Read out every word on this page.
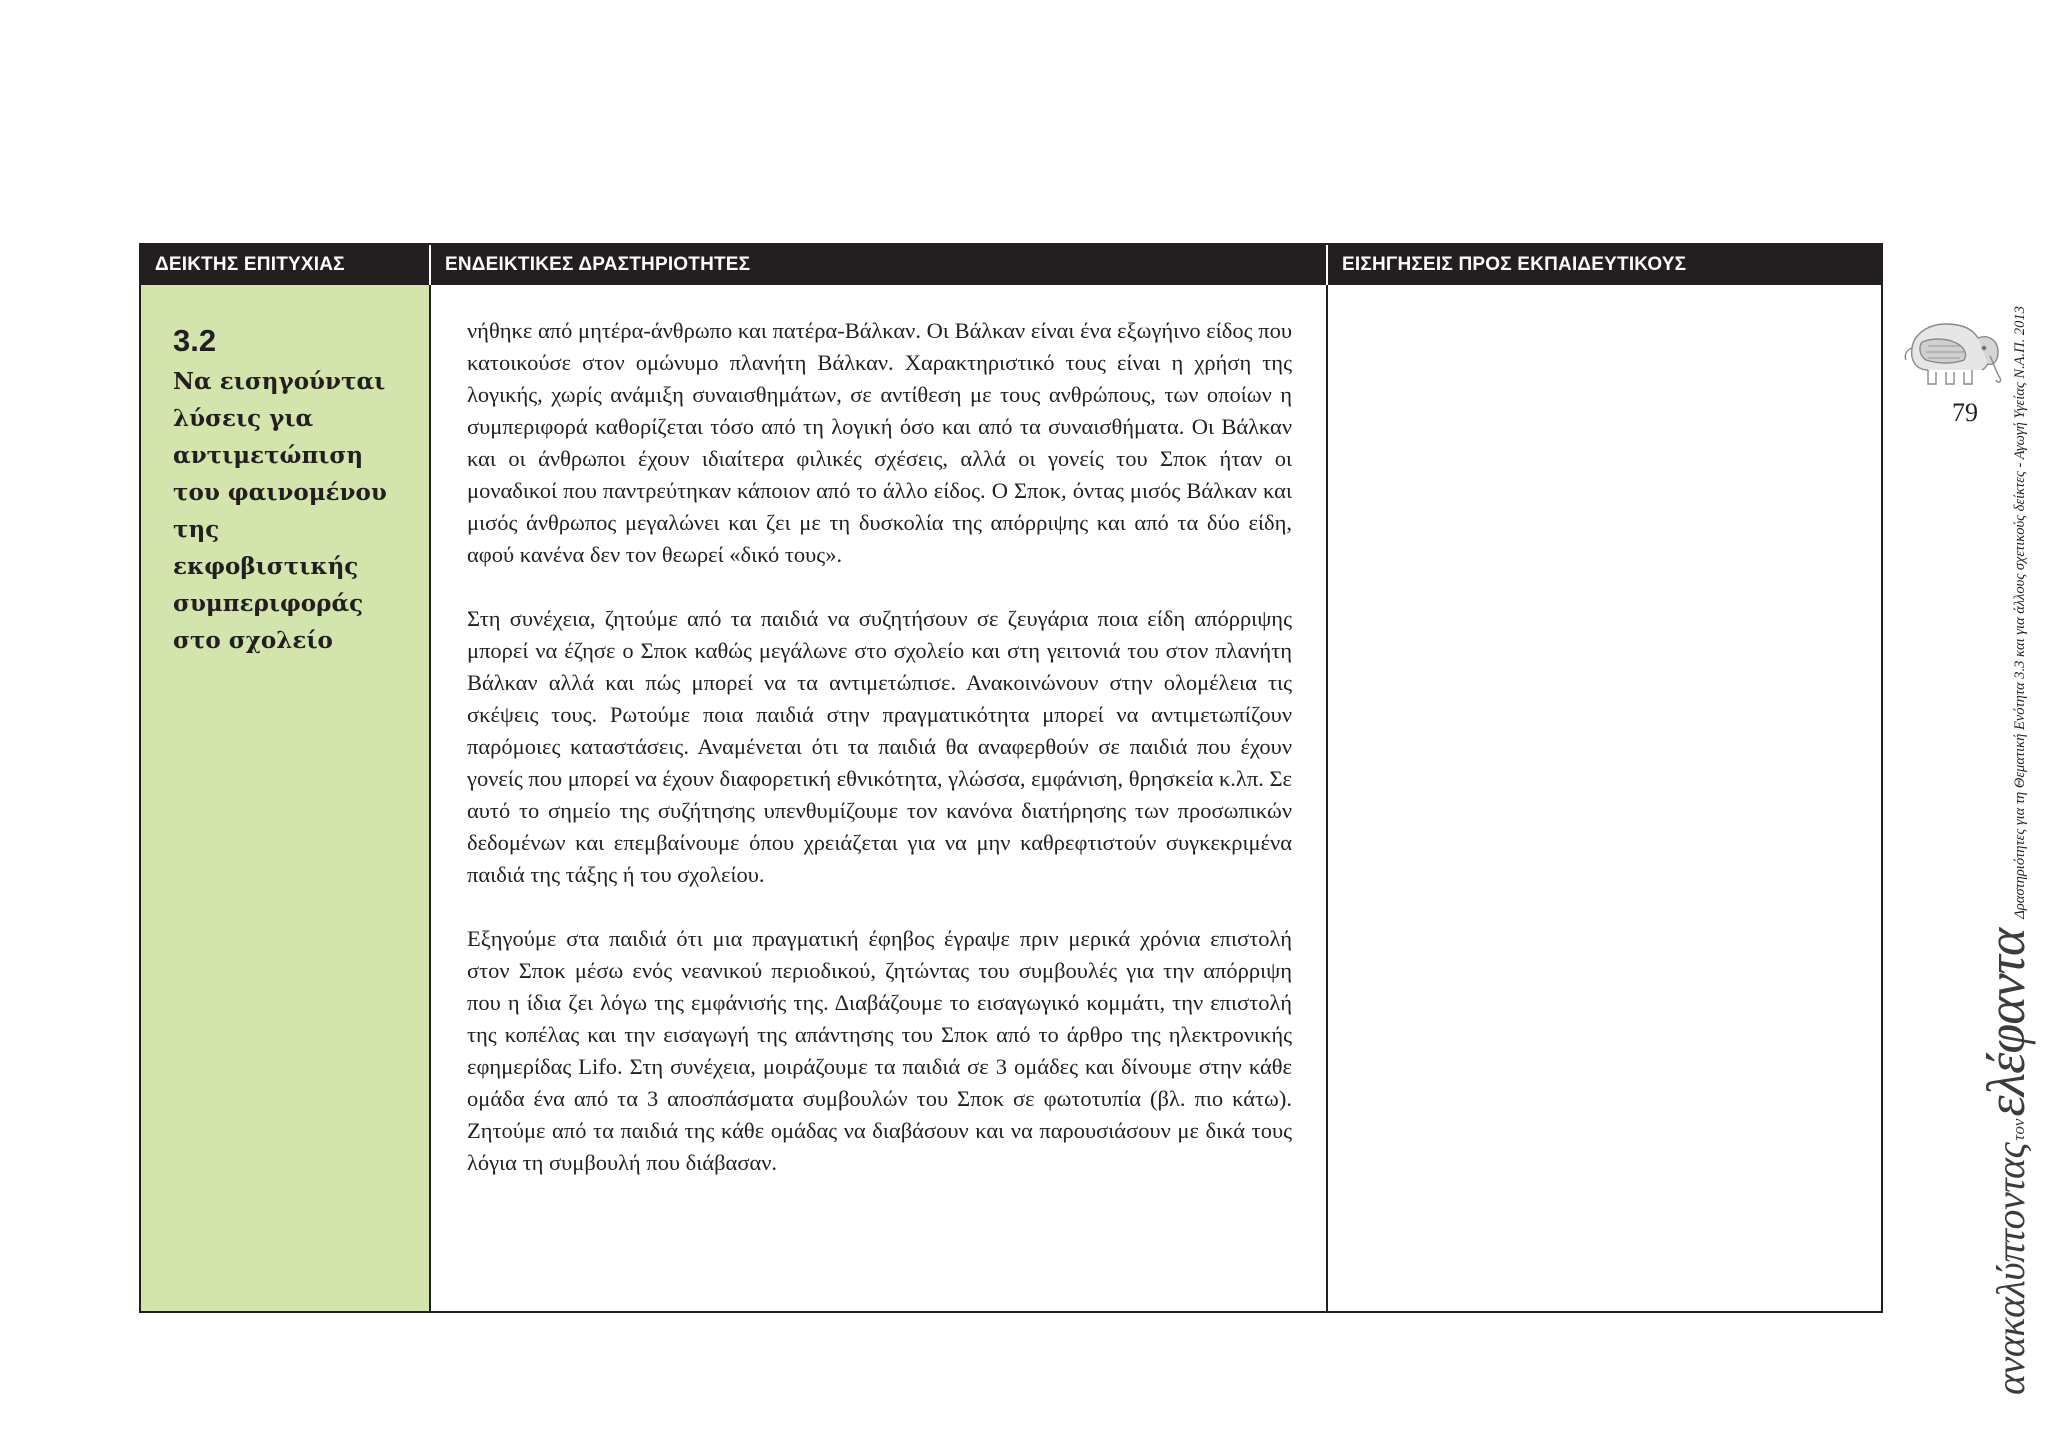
ΔΕΙΚΤΗΣ ΕΠΙΤΥΧΙΑΣ	ΕΝΔΕΙΚΤΙΚΕΣ ΔΡΑΣΤΗΡΙΟΤΗΤΕΣ	ΕΙΣΗΓΗΣΕΙΣ ΠΡΟΣ ΕΚΠΑΙΔΕΥΤΙΚΟΥΣ

3.2

Να εισηγούνται λύσεις για αντιμετώπιση του φαινομένου της εκφοβιστικής συμπεριφοράς στο σχολείο

νήθηκε από μητέρα-άνθρωπο και πατέρα-Βάλκαν. Οι Βάλκαν είναι ένα εξωγήινο είδος που κατοικούσε στον ομώνυμο πλανήτη Βάλκαν. Χαρακτηριστικό τους είναι η χρήση της λογικής, χωρίς ανάμιξη συναισθημάτων, σε αντίθεση με τους ανθρώπους, των οποίων η συμπεριφορά καθορίζεται τόσο από τη λογική όσο και από τα συναισθήματα. Οι Βάλκαν και οι άνθρωποι έχουν ιδιαίτερα φιλικές σχέσεις, αλλά οι γονείς του Σποκ ήταν οι μοναδικοί που παντρεύτηκαν κάποιον από το άλλο είδος. Ο Σποκ, όντας μισός Βάλκαν και μισός άνθρωπος μεγαλώνει και ζει με τη δυσκολία της απόρριψης και από τα δύο είδη, αφού κανένα δεν τον θεωρεί «δικό τους».

Στη συνέχεια, ζητούμε από τα παιδιά να συζητήσουν σε ζευγάρια ποια είδη απόρριψης μπορεί να έζησε ο Σποκ καθώς μεγάλωνε στο σχολείο και στη γειτονιά του στον πλανήτη Βάλκαν αλλά και πώς μπορεί να τα αντιμετώπισε. Ανακοινώνουν στην ολομέλεια τις σκέψεις τους. Ρωτούμε ποια παιδιά στην πραγματικότητα μπορεί να αντιμετωπίζουν παρόμοιες καταστάσεις. Αναμένεται ότι τα παιδιά θα αναφερθούν σε παιδιά που έχουν γονείς που μπορεί να έχουν διαφορετική εθνικότητα, γλώσσα, εμφάνιση, θρησκεία κ.λπ. Σε αυτό το σημείο της συζήτησης υπενθυμίζουμε τον κανόνα διατήρησης των προσωπικών δεδομένων και επεμβαίνουμε όπου χρειάζεται για να μην καθρεφτιστούν συγκεκριμένα παιδιά της τάξης ή του σχολείου.

Εξηγούμε στα παιδιά ότι μια πραγματική έφηβος έγραψε πριν μερικά χρόνια επιστολή στον Σποκ μέσω ενός νεανικού περιοδικού, ζητώντας του συμβουλές για την απόρριψη που η ίδια ζει λόγω της εμφάνισής της. Διαβάζουμε το εισαγωγικό κομμάτι, την επιστολή της κοπέλας και την εισαγωγή της απάντησης του Σποκ από το άρθρο της ηλεκτρονικής εφημερίδας Lifo. Στη συνέχεια, μοιράζουμε τα παιδιά σε 3 ομάδες και δίνουμε στην κάθε ομάδα ένα από τα 3 αποσπάσματα συμβουλών του Σποκ σε φωτοτυπία (βλ. πιο κάτω). Ζητούμε από τα παιδιά της κάθε ομάδας να διαβάσουν και να παρουσιάσουν με δικά τους λόγια τη συμβουλή που διάβασαν.

79
ανακαλύπτονταςτονελέφανταΔραστηριότητες για τη Θεματική Ενότητα 3.3 και για άλλους σχετικούς δείκτες - Αγωγή Υγείας Ν.Α.Π. 2013
